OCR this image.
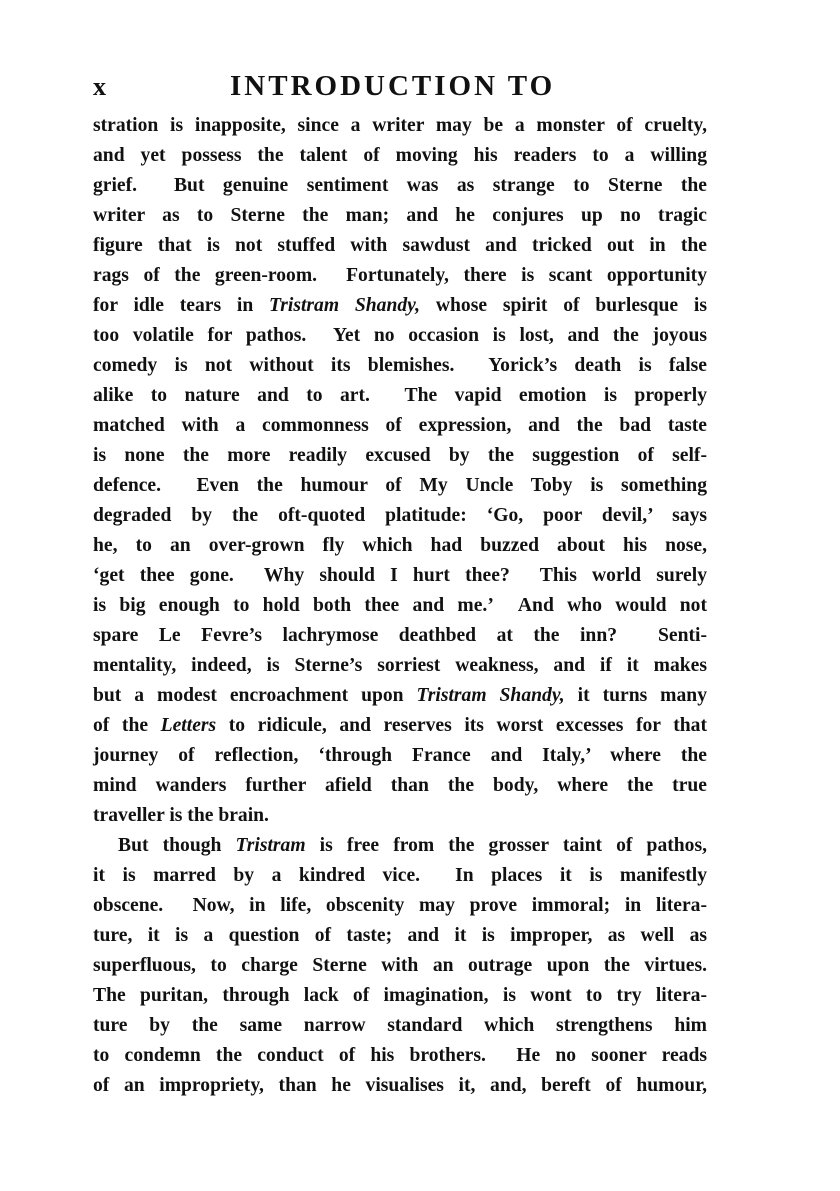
x	INTRODUCTION TO
stration is inapposite, since a writer may be a monster of cruelty,
and yet possess the talent of moving his readers to a willing
grief.  But genuine sentiment was as strange to Sterne the
writer as to Sterne the man; and he conjures up no tragic
figure that is not stuffed with sawdust and tricked out in the
rags of the green-room.  Fortunately, there is scant opportunity
for idle tears in Tristram Shandy, whose spirit of burlesque is
too volatile for pathos.  Yet no occasion is lost, and the joyous
comedy is not without its blemishes.  Yorick’s death is false
alike to nature and to art.  The vapid emotion is properly
matched with a commonness of expression, and the bad taste
is none the more readily excused by the suggestion of self-
defence.  Even the humour of My Uncle Toby is something
degraded by the oft-quoted platitude: ‘Go, poor devil,’ says
he, to an over-grown fly which had buzzed about his nose,
‘get thee gone.  Why should I hurt thee?  This world surely
is big enough to hold both thee and me.’  And who would not
spare Le Fevre’s lachrymose deathbed at the inn?  Senti-
mentality, indeed, is Sterne’s sorriest weakness, and if it makes
but a modest encroachment upon Tristram Shandy, it turns many
of the Letters to ridicule, and reserves its worst excesses for that
journey of reflection, ‘through France and Italy,’ where the
mind wanders further afield than the body, where the true
traveller is the brain.
But though Tristram is free from the grosser taint of pathos,
it is marred by a kindred vice.  In places it is manifestly
obscene.  Now, in life, obscenity may prove immoral; in litera-
ture, it is a question of taste; and it is improper, as well as
superfluous, to charge Sterne with an outrage upon the virtues.
The puritan, through lack of imagination, is wont to try litera-
ture by the same narrow standard which strengthens him
to condemn the conduct of his brothers.  He no sooner reads
of an impropriety, than he visualises it, and, bereft of humour,
